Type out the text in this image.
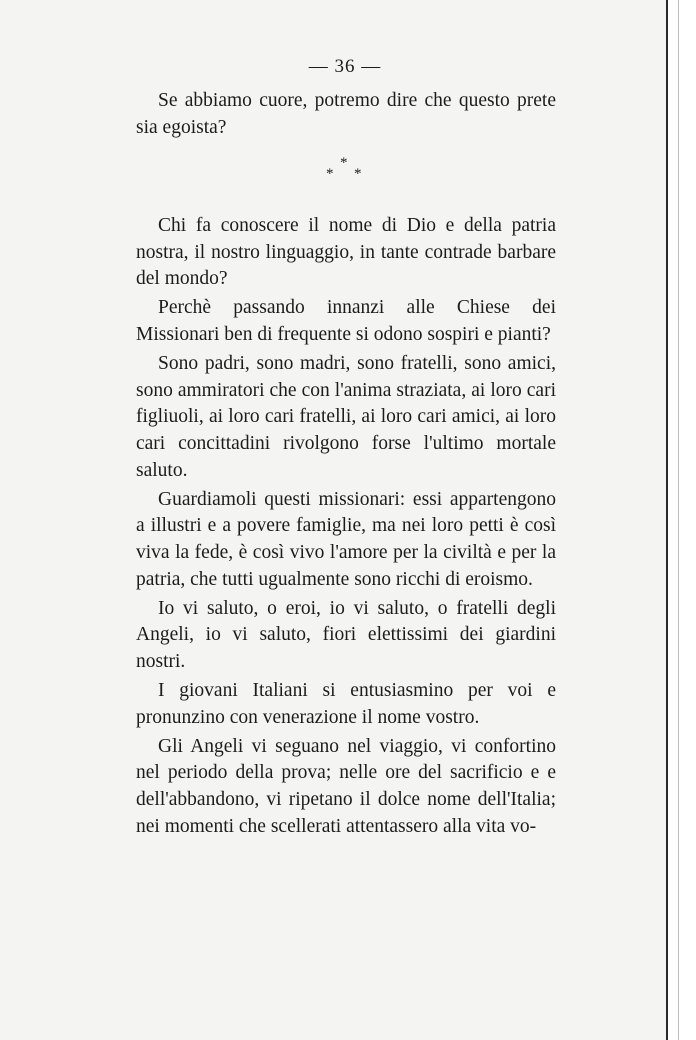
— 36 —

Se abbiamo cuore, potremo dire che questo prete sia egoista?

*
* *

Chi fa conoscere il nome di Dio e della patria nostra, il nostro linguaggio, in tante contrade barbare del mondo?

Perchè passando innanzi alle Chiese dei Missionari ben di frequente si odono sospiri e pianti?

Sono padri, sono madri, sono fratelli, sono amici, sono ammiratori che con l'anima straziata, ai loro cari figliuoli, ai loro cari fratelli, ai loro cari amici, ai loro cari concittadini rivolgono forse l'ultimo mortale saluto.

Guardiamoli questi missionari: essi appartengono a illustri e a povere famiglie, ma nei loro petti è così viva la fede, è così vivo l'amore per la civiltà e per la patria, che tutti ugualmente sono ricchi di eroismo.

Io vi saluto, o eroi, io vi saluto, o fratelli degli Angeli, io vi saluto, fiori elettissimi dei giardini nostri.

I giovani Italiani si entusiasmino per voi e pronunzino con venerazione il nome vostro.

Gli Angeli vi seguano nel viaggio, vi confortino nel periodo della prova; nelle ore del sacrificio e e dell'abbandono, vi ripetano il dolce nome dell'Italia; nei momenti che scellerati attentassero alla vita vo-
